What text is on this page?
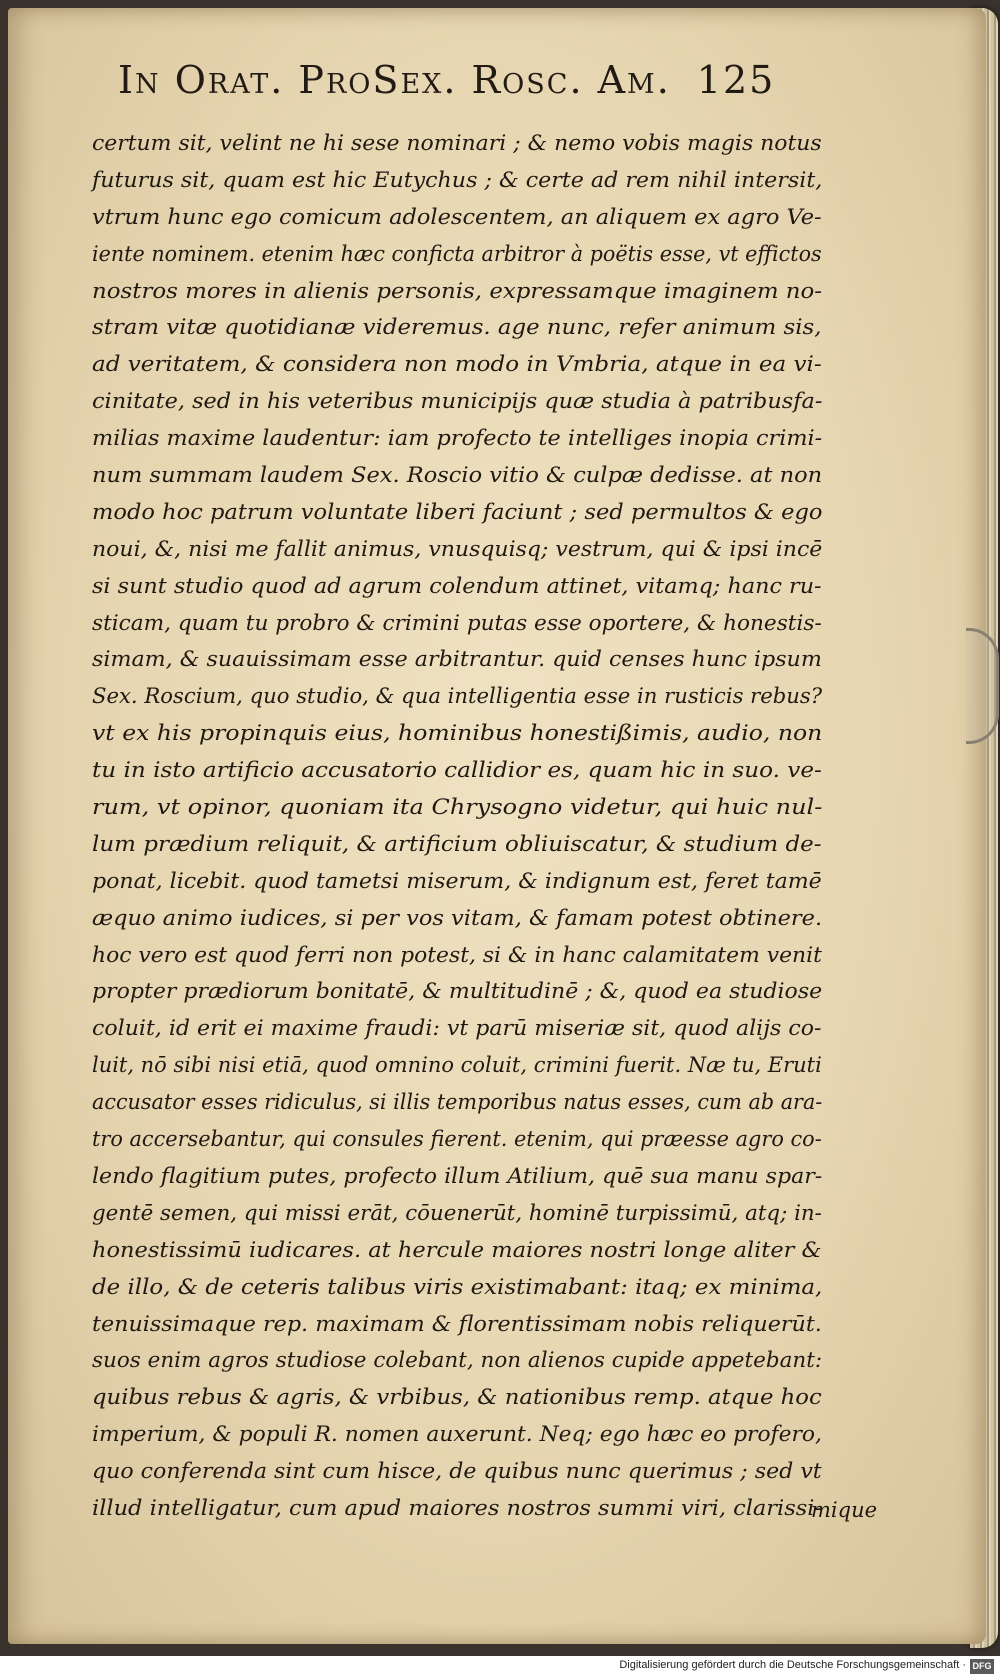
In Orat. ProSex. Rosc. Am. 125
certum sit, velint ne hi sese nominari ; & nemo vobis magis notus
futurus sit, quam est hic Eutychus ; & certe ad rem nihil intersit,
vtrum hunc ego comicum adolescentem, an aliquem ex agro Ve-
iente nominem. etenim hæc conficta arbitror à poëtis esse, vt effictos
nostros mores in alienis personis, expressamque imaginem no-
stram vitæ quotidianæ videremus. age nunc, refer animum sis,
ad veritatem, & considera non modo in Vmbria, atque in ea vi-
cinitate, sed in his veteribus municipijs quæ studia à patribusfa-
milias maxime laudentur: iam profecto te intelliges inopia crimi-
num summam laudem Sex. Roscio vitio & culpæ dedisse. at non
modo hoc patrum voluntate liberi faciunt ; sed permultos & ego
noui, &, nisi me fallit animus, vnusquisq; vestrum, qui & ipsi incē
si sunt studio quod ad agrum colendum attinet, vitamq; hanc ru-
sticam, quam tu probro & crimini putas esse oportere, & honestis-
simam, & suauissimam esse arbitrantur. quid censes hunc ipsum
Sex. Roscium, quo studio, & qua intelligentia esse in rusticis rebus?
vt ex his propinquis eius, hominibus honestißimis, audio, non
tu in isto artificio accusatorio callidior es, quam hic in suo. ve-
rum, vt opinor, quoniam ita Chrysogno videtur, qui huic nul-
lum prædium reliquit, & artificium obliuiscatur, & studium de-
ponat, licebit. quod tametsi miserum, & indignum est, feret tamē
æquo animo iudices, si per vos vitam, & famam potest obtinere.
hoc vero est quod ferri non potest, si & in hanc calamitatem venit
propter prædiorum bonitatē, & multitudinē ; &, quod ea studiose
coluit, id erit ei maxime fraudi: vt parū miseriæ sit, quod alijs co-
luit, nō sibi nisi etiā, quod omnino coluit, crimini fuerit. Næ tu, Eruti
accusator esses ridiculus, si illis temporibus natus esses, cum ab ara-
tro accersebantur, qui consules fierent. etenim, qui præesse agro co-
lendo flagitium putes, profecto illum Atilium, quē sua manu spar-
gentē semen, qui missi erāt, cōuenerūt, hominē turpissimū, atq; in-
honestissimū iudicares. at hercule maiores nostri longe aliter &
de illo, & de ceteris talibus viris existimabant: itaq; ex minima,
tenuissimaque rep. maximam & florentissimam nobis reliquerūt.
suos enim agros studiose colebant, non alienos cupide appetebant:
quibus rebus & agris, & vrbibus, & nationibus remp. atque hoc
imperium, & populi R. nomen auxerunt. Neq; ego hæc eo profero,
quo conferenda sint cum hisce, de quibus nunc querimus ; sed vt
illud intelligatur, cum apud maiores nostros summi viri, clarissi-
mique
Digitalisierung gefördert durch die Deutsche Forschungsgemeinschaft · DFG
